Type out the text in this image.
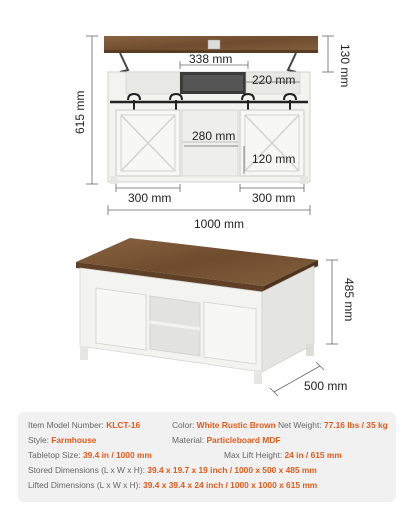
338 mm	130 mm
220 mm
615 mm
280 mm
120 mm
300 mm	300 mm
1000 mm
485 mm
500 mm
Item Model Number: KLCT-16	Color: White Rustic Brown Net Weight: 77.16 lbs / 35 kg
Style: Farmhouse	Material: Particleboard MDF
Tabletop Size: 39.4 in / 1000 mm	Max Lift Height: 24 in / 615 mm
Stored Dimensions (L x W x H): 39.4 x 19.7 x 19 inch / 1000 x 500 x 485 mm
Lifted Dimensions (L x W x H): 39.4 x 39.4 x 24 inch / 1000 x 1000 x 615 mm
